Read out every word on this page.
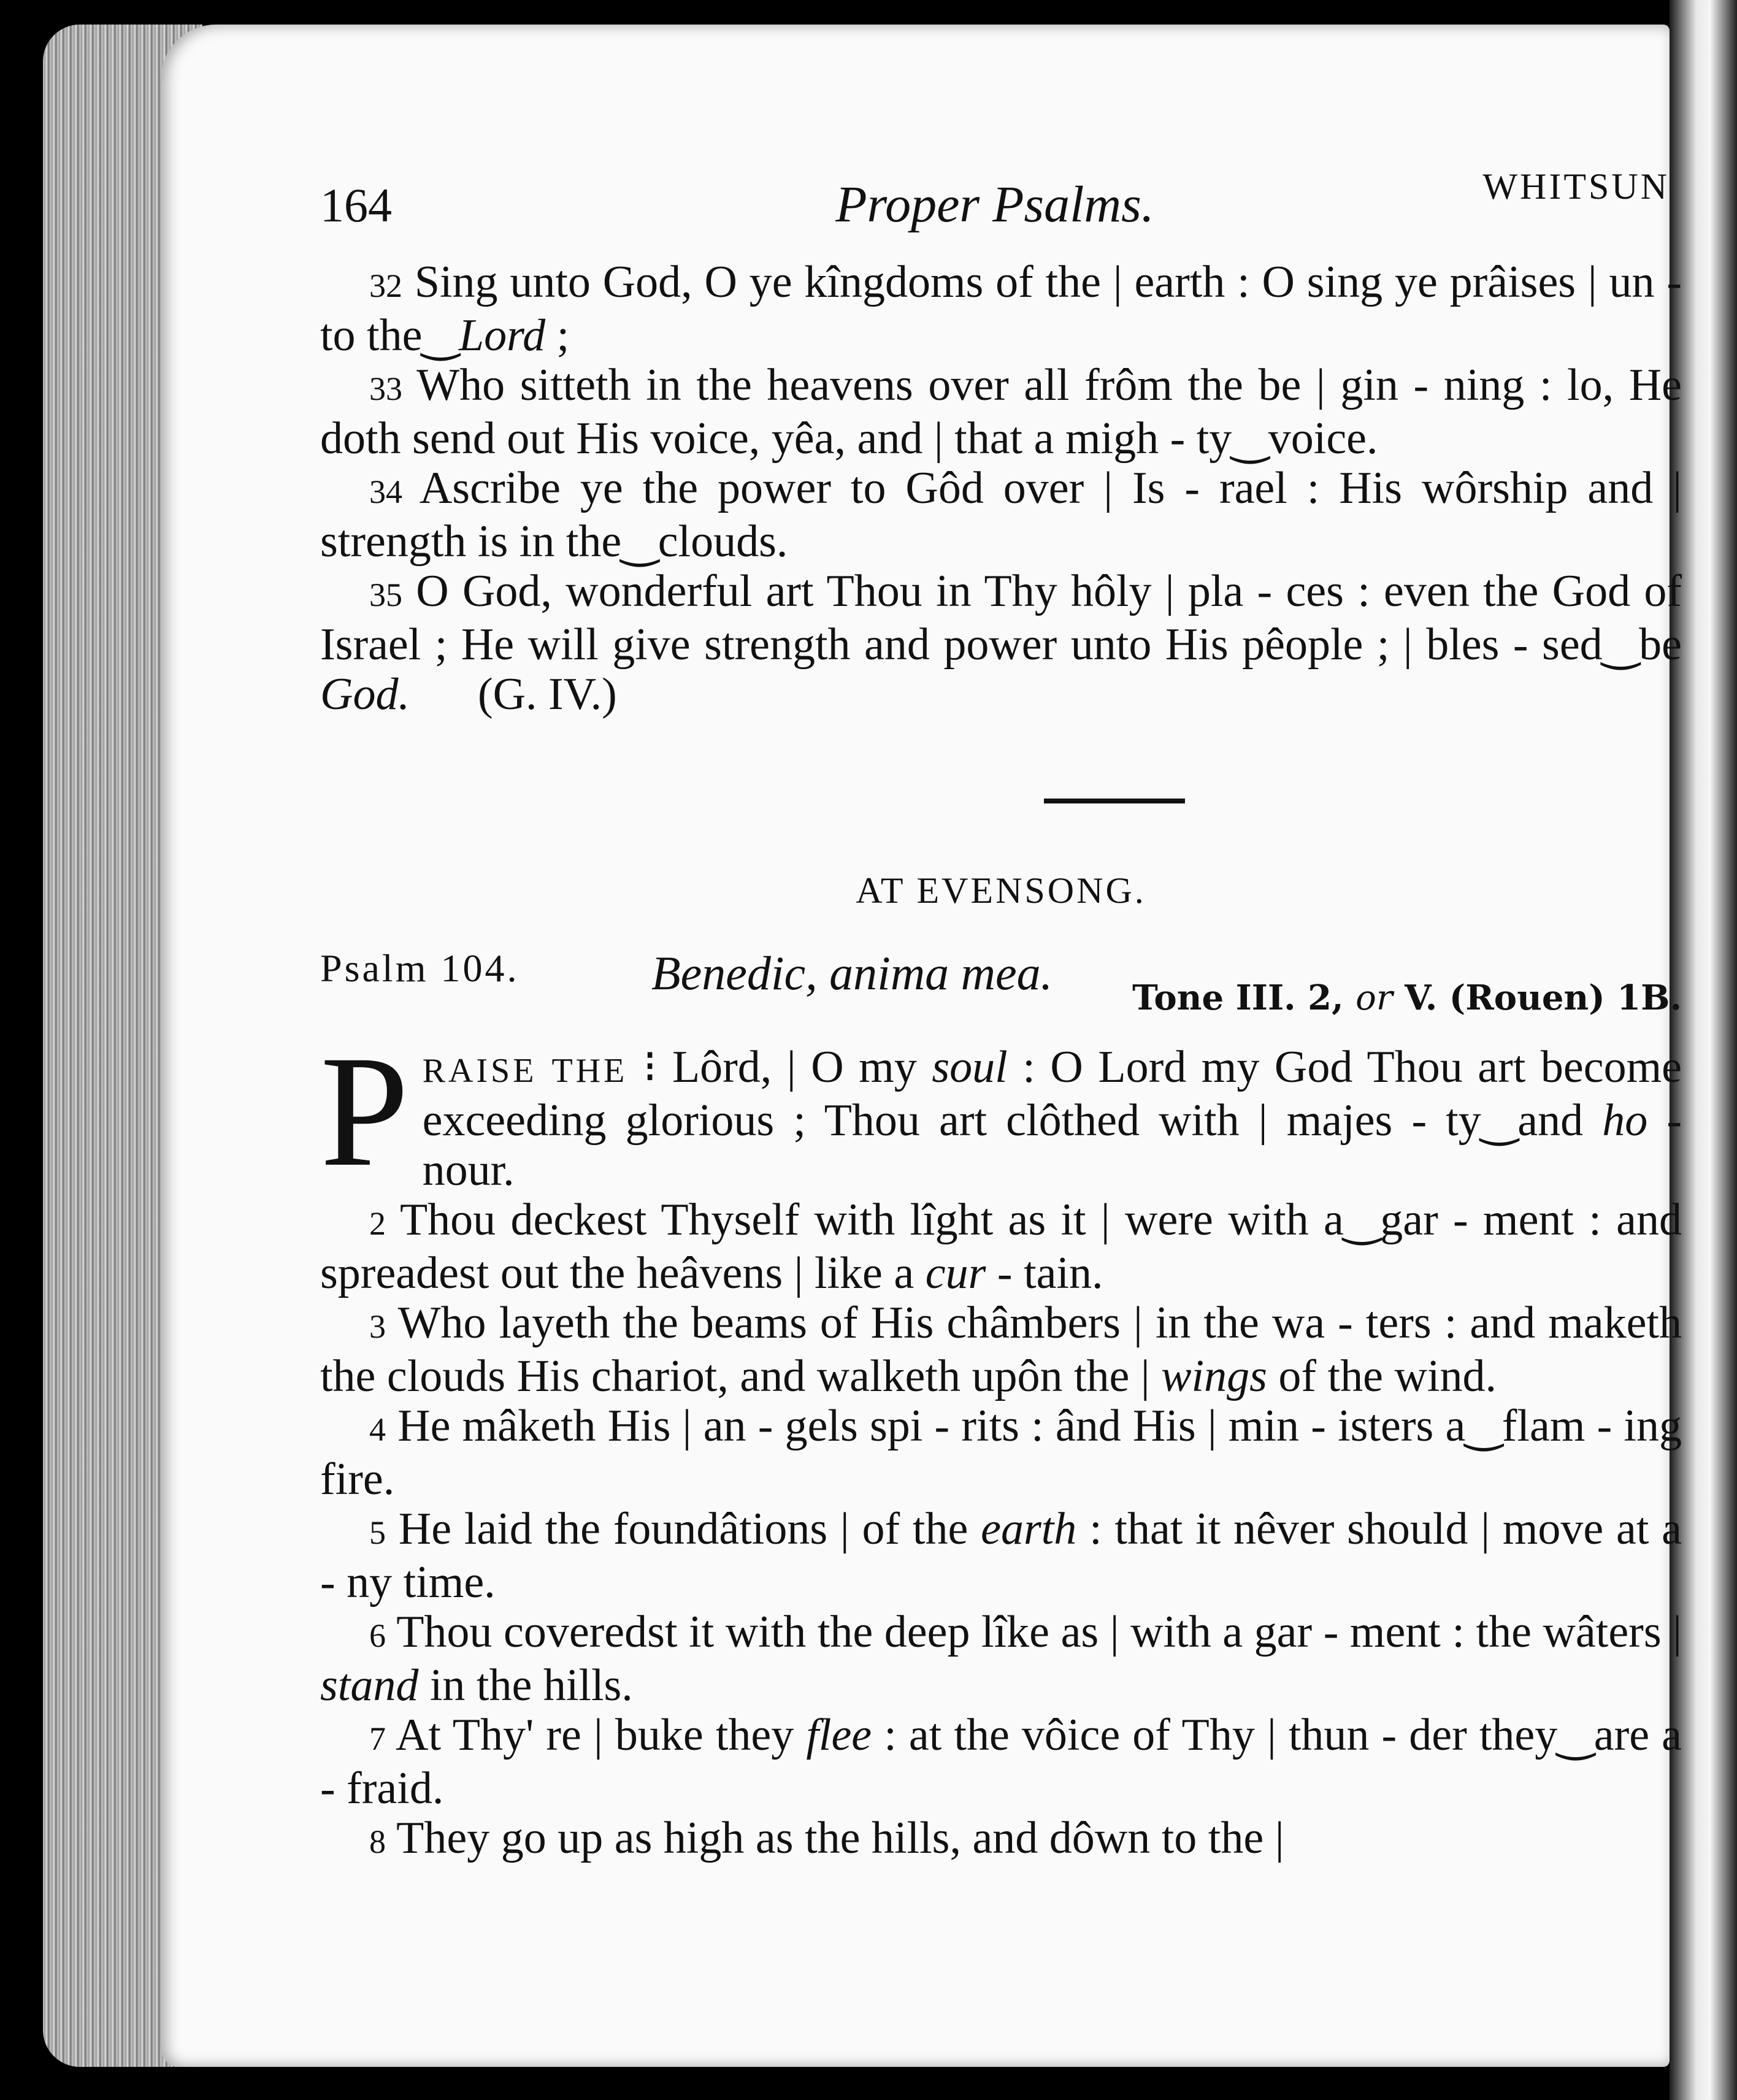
164	Proper Psalms.	WHITSUN

32 Sing unto God, O ye kîngdoms of the | earth : O sing ye prâises | un - to the‿Lord ;

33 Who sitteth in the heavens over all frôm the be | gin - ning : lo, He doth send out His voice, yêa, and | that a migh - ty‿voice.

34 Ascribe ye the power to Gôd over | Is - rael : His wôrship and | strength is in the‿clouds.

35 O God, wonderful art Thou in Thy hôly | pla - ces : even the God of Israel ; He will give strength and power unto His pêople ; | bles - sed‿be God. (G. IV.)

AT EVENSONG.
Psalm 104.	Benedic, anima mea.	Tone III. 2, or V. (Rouen) 1B.

PRAISE THE ⁝ Lôrd, | O my soul : O Lord my God Thou art become exceeding glorious ; Thou art clôthed with | majes - ty‿and ho - nour.

2 Thou deckest Thyself with lîght as it | were with a‿gar - ment : and spreadest out the heâvens | like a cur - tain.

3 Who layeth the beams of His châmbers | in the wa - ters : and maketh the clouds His chariot, and walketh upôn the | wings of the wind.

4 He mâketh His | an - gels spi - rits : ând His | min - isters a‿flam - ing fire.

5 He laid the foundâtions | of the earth : that it nêver should | move at a - ny time.

6 Thou coveredst it with the deep lîke as | with a gar - ment : the wâters | stand in the hills.

7 At Thy' re | buke they flee : at the vôice of Thy | thun - der they‿are a - fraid.

8 They go up as high as the hills, and dôwn to the |
